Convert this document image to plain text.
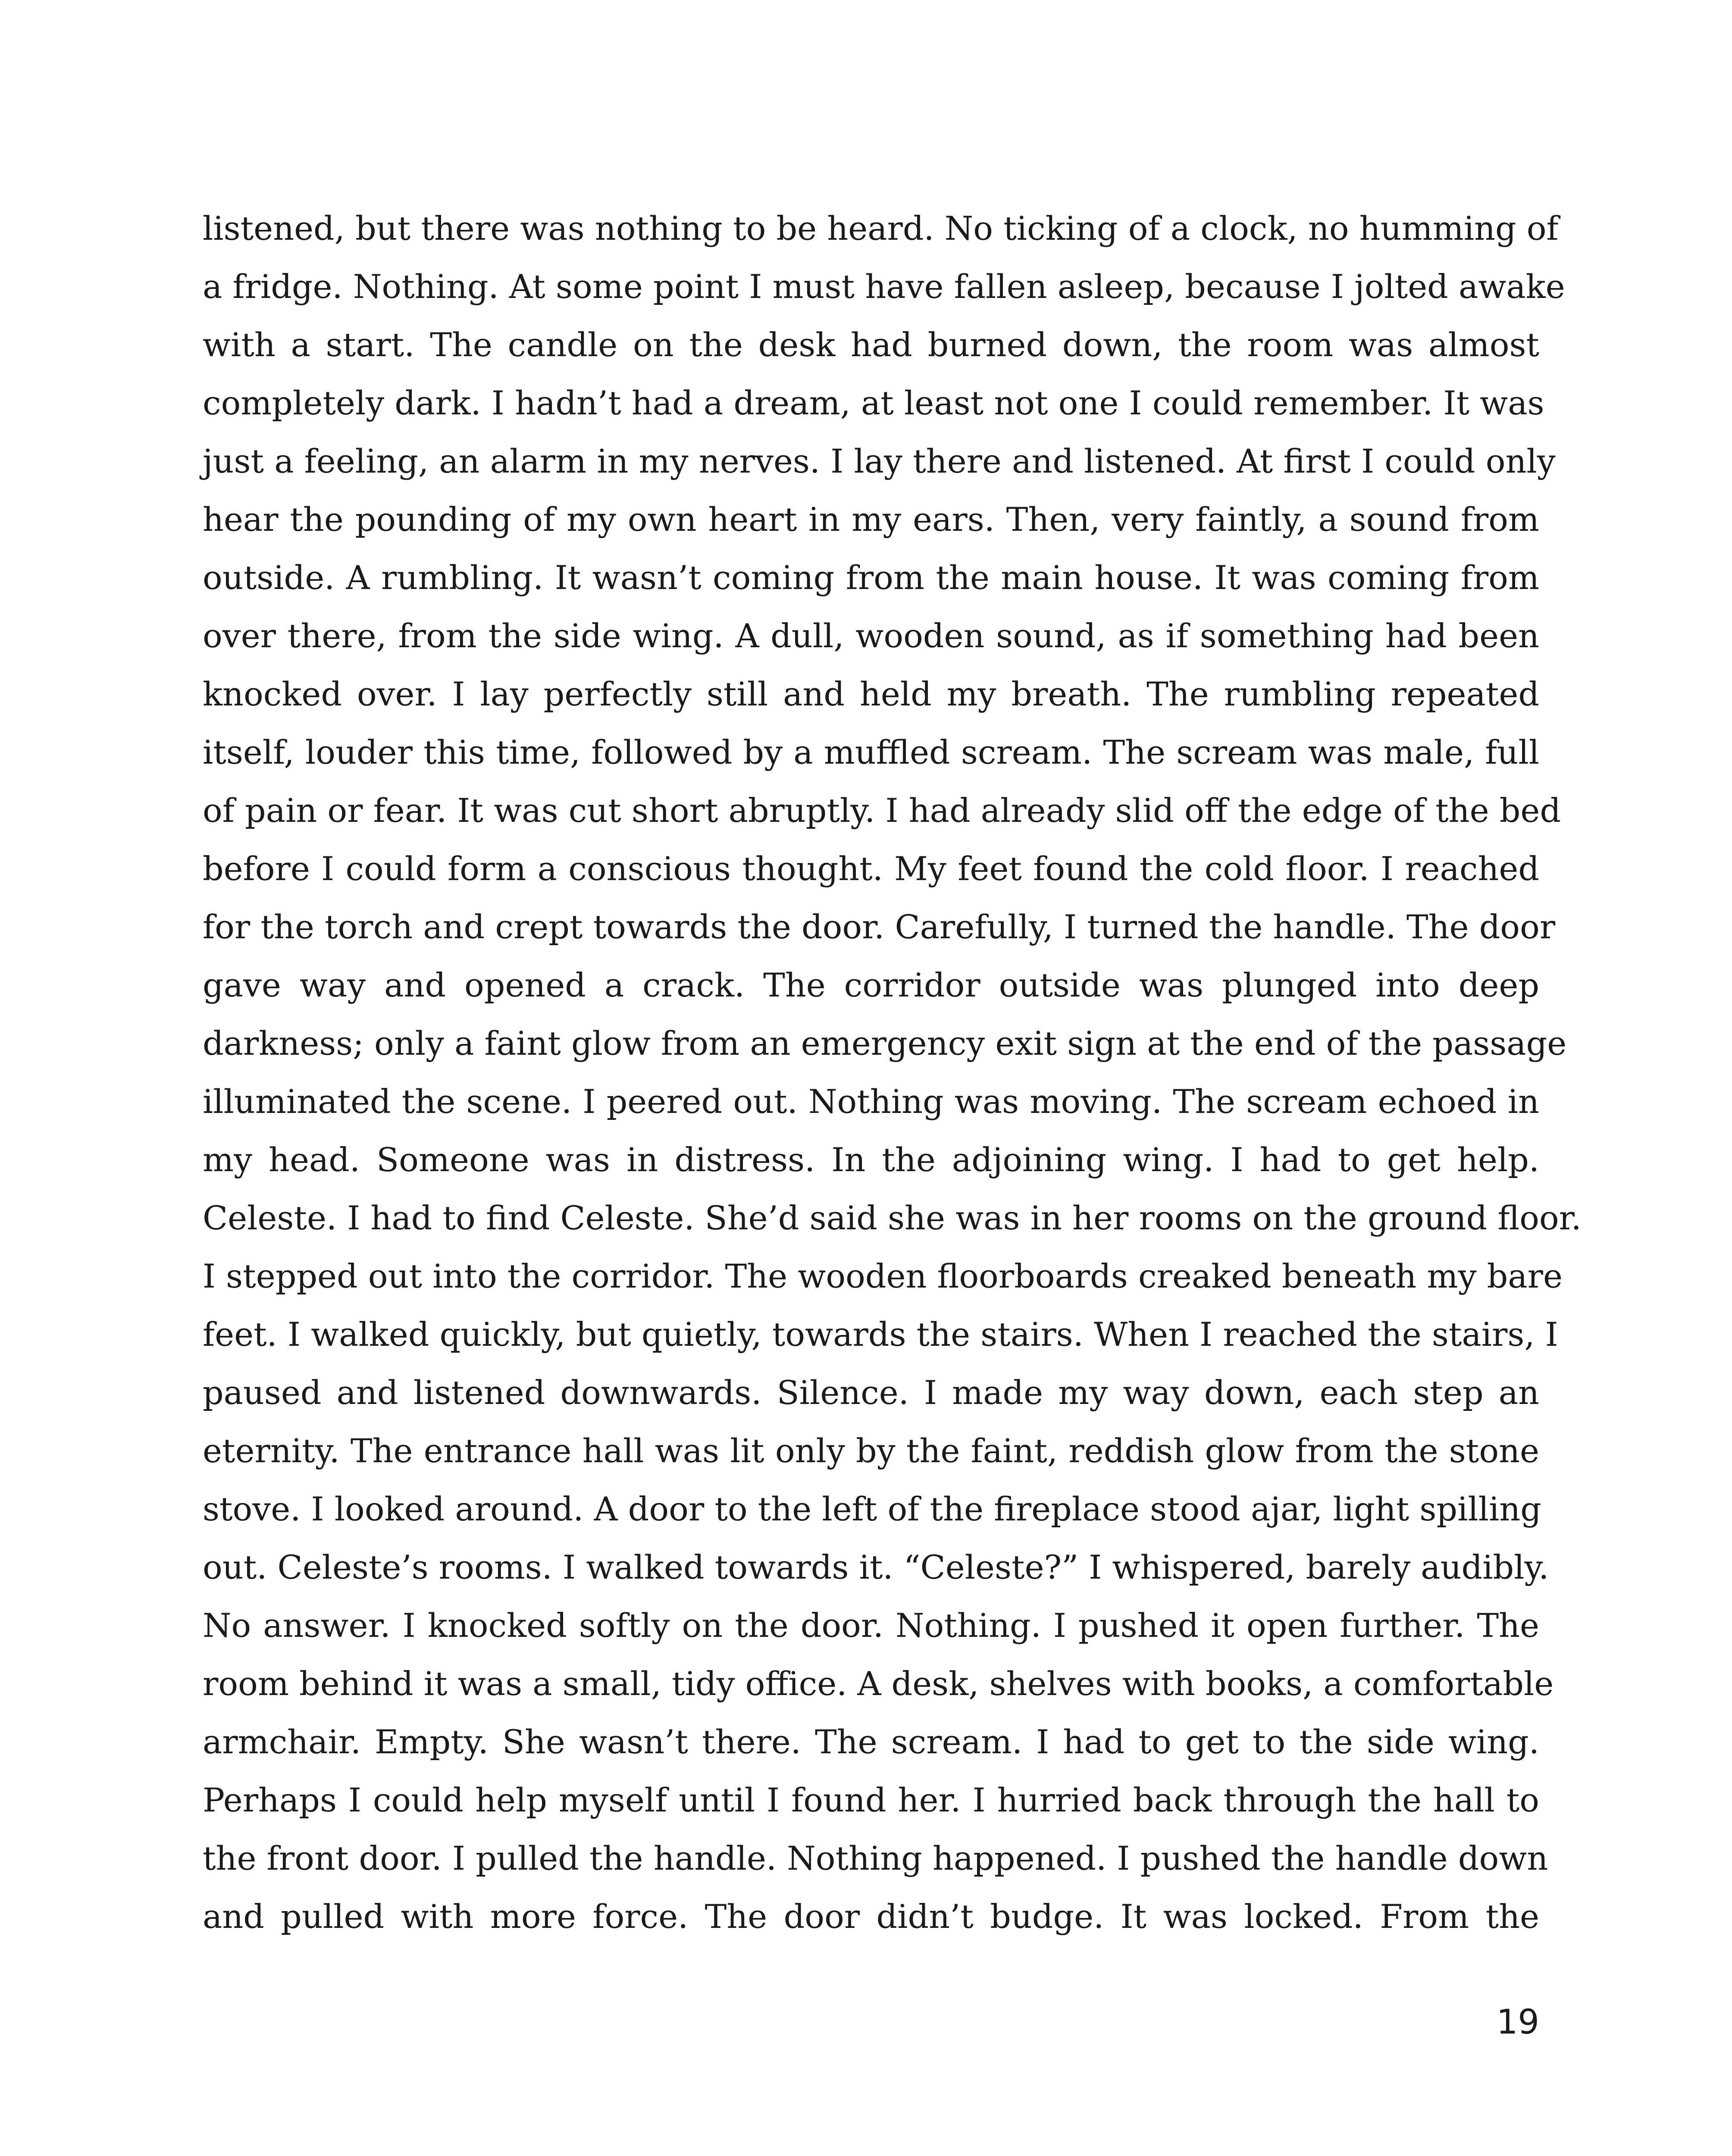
listened, but there was nothing to be heard. No ticking of a clock, no humming of
a fridge. Nothing. At some point I must have fallen asleep, because I jolted awake
with a start. The candle on the desk had burned down, the room was almost
completely dark. I hadn’t had a dream, at least not one I could remember. It was
just a feeling, an alarm in my nerves. I lay there and listened. At first I could only
hear the pounding of my own heart in my ears. Then, very faintly, a sound from
outside. A rumbling. It wasn’t coming from the main house. It was coming from
over there, from the side wing. A dull, wooden sound, as if something had been
knocked over. I lay perfectly still and held my breath. The rumbling repeated
itself, louder this time, followed by a muffled scream. The scream was male, full
of pain or fear. It was cut short abruptly. I had already slid off the edge of the bed
before I could form a conscious thought. My feet found the cold floor. I reached
for the torch and crept towards the door. Carefully, I turned the handle. The door
gave way and opened a crack. The corridor outside was plunged into deep
darkness; only a faint glow from an emergency exit sign at the end of the passage
illuminated the scene. I peered out. Nothing was moving. The scream echoed in
my head. Someone was in distress. In the adjoining wing. I had to get help.
Celeste. I had to find Celeste. She’d said she was in her rooms on the ground floor.
I stepped out into the corridor. The wooden floorboards creaked beneath my bare
feet. I walked quickly, but quietly, towards the stairs. When I reached the stairs, I
paused and listened downwards. Silence. I made my way down, each step an
eternity. The entrance hall was lit only by the faint, reddish glow from the stone
stove. I looked around. A door to the left of the fireplace stood ajar, light spilling
out. Celeste’s rooms. I walked towards it. “Celeste?” I whispered, barely audibly.
No answer. I knocked softly on the door. Nothing. I pushed it open further. The
room behind it was a small, tidy office. A desk, shelves with books, a comfortable
armchair. Empty. She wasn’t there. The scream. I had to get to the side wing.
Perhaps I could help myself until I found her. I hurried back through the hall to
the front door. I pulled the handle. Nothing happened. I pushed the handle down
and pulled with more force. The door didn’t budge. It was locked. From the
19
